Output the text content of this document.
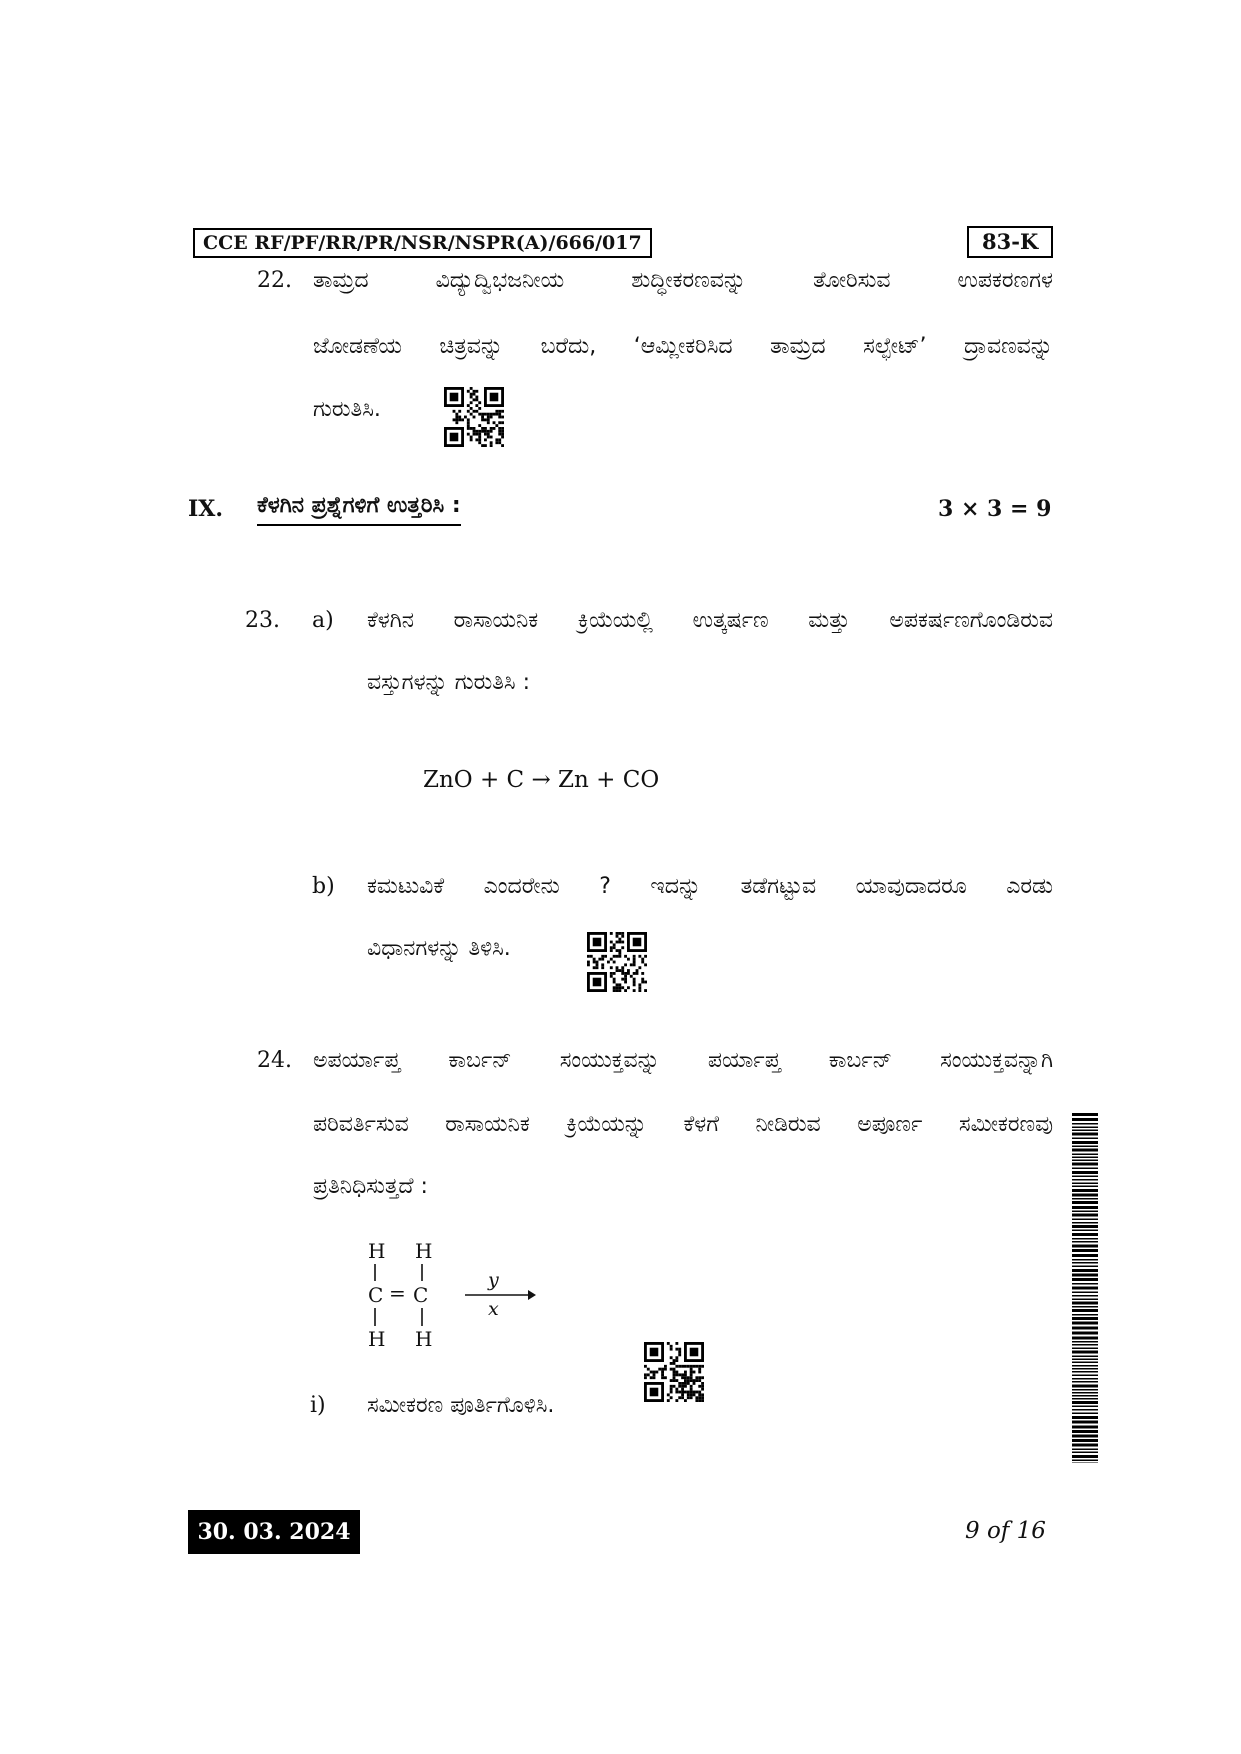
CCE RF/PF/RR/PR/NSR/NSPR(A)/666/017	83-K
22. ತಾಮ್ರದ ವಿದ್ಯುದ್ವಿಭಜನೀಯ ಶುದ್ಧೀಕರಣವನ್ನು ತೋರಿಸುವ ಉಪಕರಣಗಳ
ಜೋಡಣೆಯ ಚಿತ್ರವನ್ನು ಬರೆದು, ‘ಆಮ್ಲೀಕರಿಸಿದ ತಾಮ್ರದ ಸಲ್ಫೇಟ್’ ದ್ರಾವಣವನ್ನು
ಗುರುತಿಸಿ.
IX. ಕೆಳಗಿನ ಪ್ರಶ್ನೆಗಳಿಗೆ ಉತ್ತರಿಸಿ :	3 × 3 = 9
23. a) ಕೆಳಗಿನ ರಾಸಾಯನಿಕ ಕ್ರಿಯೆಯಲ್ಲಿ ಉತ್ಕರ್ಷಣ ಮತ್ತು ಅಪಕರ್ಷಣಗೊಂಡಿರುವ
ವಸ್ತುಗಳನ್ನು ಗುರುತಿಸಿ :
ZnO + C → Zn + CO
b) ಕಮಟುವಿಕೆ ಎಂದರೇನು ? ಇದನ್ನು ತಡೆಗಟ್ಟುವ ಯಾವುದಾದರೂ ಎರಡು
ವಿಧಾನಗಳನ್ನು ತಿಳಿಸಿ.
24. ಅಪರ್ಯಾಪ್ತ ಕಾರ್ಬನ್ ಸಂಯುಕ್ತವನ್ನು ಪರ್ಯಾಪ್ತ ಕಾರ್ಬನ್ ಸಂಯುಕ್ತವನ್ನಾಗಿ
ಪರಿವರ್ತಿಸುವ ರಾಸಾಯನಿಕ ಕ್ರಿಯೆಯನ್ನು ಕೆಳಗೆ ನೀಡಿರುವ ಅಪೂರ್ಣ ಸಮೀಕರಣವು
ಪ್ರತಿನಿಧಿಸುತ್ತದೆ :
H H
C = C
H H
y
x
i) ಸಮೀಕರಣ ಪೂರ್ತಿಗೊಳಿಸಿ.
30. 03. 2024	9 of 16
